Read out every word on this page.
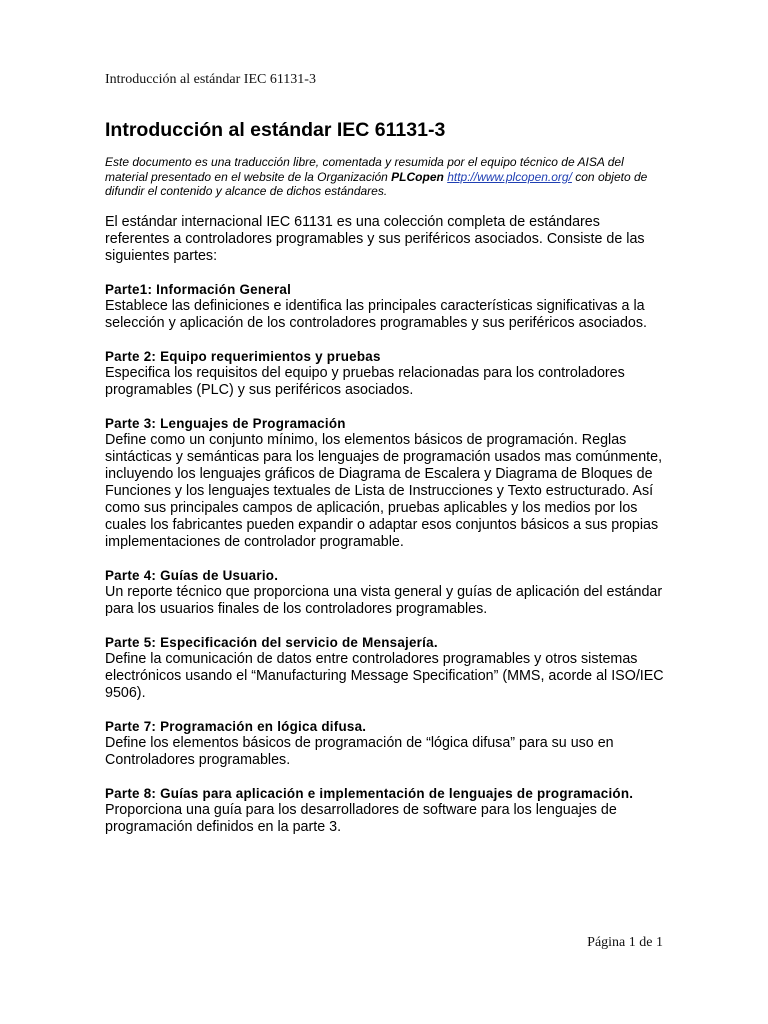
Introducción al estándar IEC 61131-3
Introducción al estándar IEC 61131-3

Este documento es una traducción libre, comentada y resumida por el equipo técnico de AISA del material presentado en el website de la Organización PLCopen http://www.plcopen.org/ con objeto de difundir el contenido y alcance de dichos estándares.

El estándar internacional IEC 61131 es una colección completa de estándares referentes a controladores programables y sus periféricos asociados. Consiste de las siguientes partes:

Parte1: Información General

Establece las definiciones e identifica las principales características significativas a la selección y aplicación de los controladores programables y sus periféricos asociados.

Parte 2: Equipo requerimientos y pruebas

Especifica los requisitos del equipo y pruebas relacionadas para los controladores programables (PLC) y sus periféricos asociados.

Parte 3: Lenguajes de Programación

Define como un conjunto mínimo, los elementos básicos de programación. Reglas sintácticas y semánticas para los lenguajes de programación usados mas comúnmente, incluyendo los lenguajes gráficos de Diagrama de Escalera y Diagrama de Bloques de Funciones y los lenguajes textuales de Lista de Instrucciones y Texto estructurado. Así como sus principales campos de aplicación, pruebas aplicables y los medios por los cuales los fabricantes pueden expandir o adaptar esos conjuntos básicos a sus propias implementaciones de controlador programable.

Parte 4: Guías de Usuario.

Un reporte técnico que proporciona una vista general y guías de aplicación del estándar para los usuarios finales de los controladores programables.

Parte 5: Especificación del servicio de Mensajería.

Define la comunicación de datos entre controladores programables y otros sistemas electrónicos usando el “Manufacturing Message Specification” (MMS, acorde al ISO/IEC 9506).

Parte 7: Programación en lógica difusa.

Define los elementos básicos de programación de “lógica difusa” para su uso en Controladores programables.

Parte 8: Guías para aplicación e implementación de lenguajes de programación.

Proporciona una guía para los desarrolladores de software para los lenguajes de programación definidos en la parte 3.

Página 1 de 1
